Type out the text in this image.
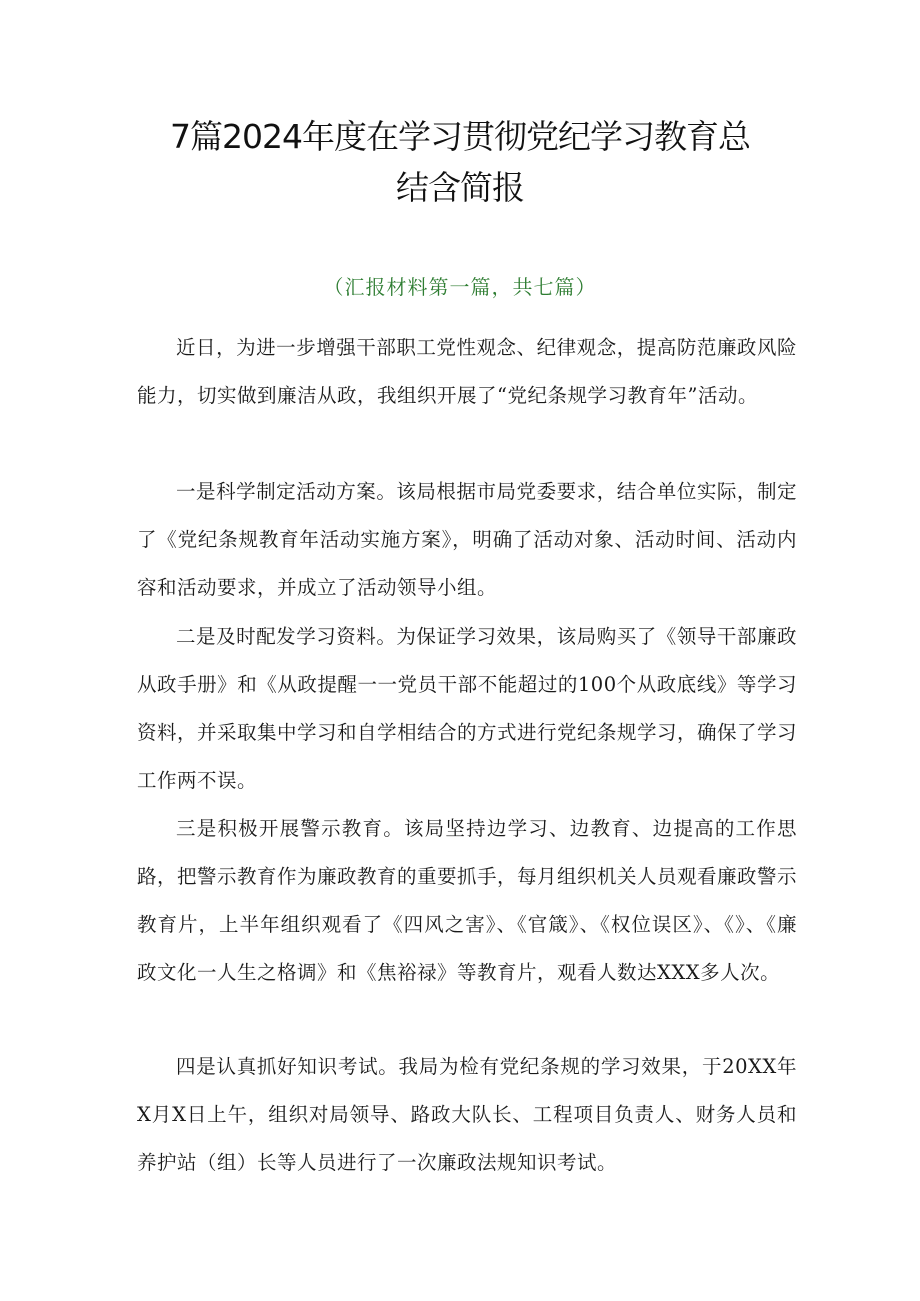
7篇2024年度在学习贯彻党纪学习教育总
结含简报
（汇报材料第一篇，共七篇）

近日，为进一步增强干部职工党性观念、纪律观念，提高防范廉政风险能力，切实做到廉洁从政，我组织开展了“党纪条规学习教育年”活动。

一是科学制定活动方案。该局根据市局党委要求，结合单位实际，制定了《党纪条规教育年活动实施方案》，明确了活动对象、活动时间、活动内容和活动要求，并成立了活动领导小组。

二是及时配发学习资料。为保证学习效果，该局购买了《领导干部廉政从政手册》和《从政提醒一一党员干部不能超过的100个从政底线》等学习资料，并采取集中学习和自学相结合的方式进行党纪条规学习，确保了学习工作两不误。

三是积极开展警示教育。该局坚持边学习、边教育、边提高的工作思路，把警示教育作为廉政教育的重要抓手，每月组织机关人员观看廉政警示教育片，上半年组织观看了《四风之害》、《官箴》、《权位误区》、《》、《廉政文化一人生之格调》和《焦裕禄》等教育片，观看人数达XXX多人次。

四是认真抓好知识考试。我局为检有党纪条规的学习效果，于20XX年X月X日上午，组织对局领导、路政大队长、工程项目负责人、财务人员和养护站（组）长等人员进行了一次廉政法规知识考试。
